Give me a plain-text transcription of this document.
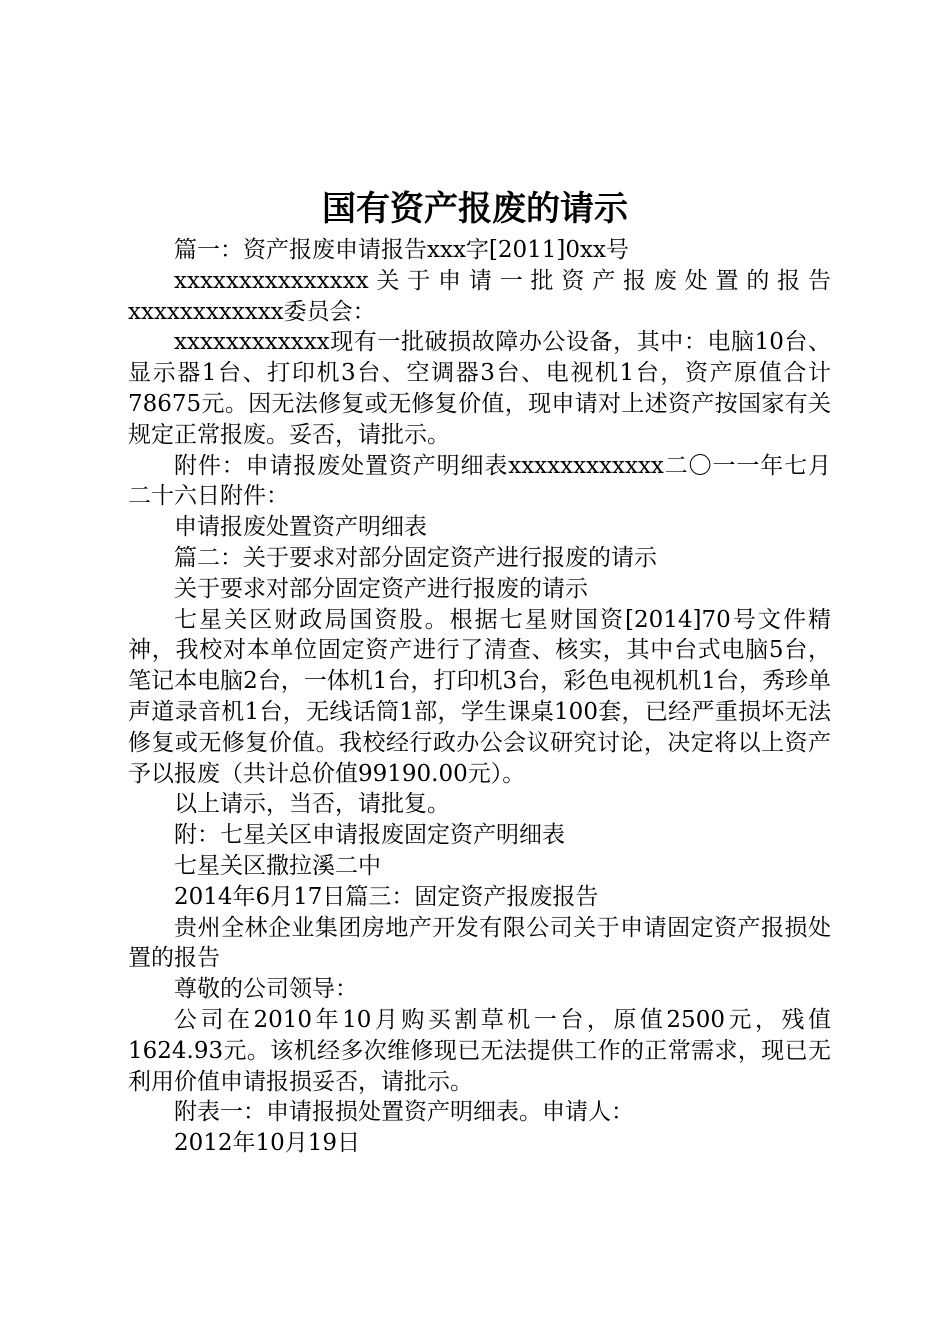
国有资产报废的请示

篇一：资产报废申请报告xxx字[2011]0xx号

xxxxxxxxxxxxxxx关于申请一批资产报废处置的报告xxxxxxxxxxxx委员会：

xxxxxxxxxxxx现有一批破损故障办公设备，其中：电脑10台、显示器1台、打印机3台、空调器3台、电视机1台，资产原值合计78675元。因无法修复或无修复价值，现申请对上述资产按国家有关规定正常报废。妥否，请批示。

附件：申请报废处置资产明细表xxxxxxxxxxxx二〇一一年七月二十六日附件：

申请报废处置资产明细表

篇二：关于要求对部分固定资产进行报废的请示

关于要求对部分固定资产进行报废的请示

七星关区财政局国资股。根据七星财国资[2014]70号文件精神，我校对本单位固定资产进行了清查、核实，其中台式电脑5台，笔记本电脑2台，一体机1台，打印机3台，彩色电视机机1台，秀珍单声道录音机1台，无线话筒1部，学生课桌100套，已经严重损坏无法修复或无修复价值。我校经行政办公会议研究讨论，决定将以上资产予以报废（共计总价值99190.00元）。

以上请示，当否，请批复。

附：七星关区申请报废固定资产明细表

七星关区撒拉溪二中

2014年6月17日篇三：固定资产报废报告

贵州全林企业集团房地产开发有限公司关于申请固定资产报损处置的报告

尊敬的公司领导：

公司在2010年10月购买割草机一台，原值2500元，残值1624.93元。该机经多次维修现已无法提供工作的正常需求，现已无利用价值申请报损妥否，请批示。

附表一：申请报损处置资产明细表。申请人：

2012年10月19日
